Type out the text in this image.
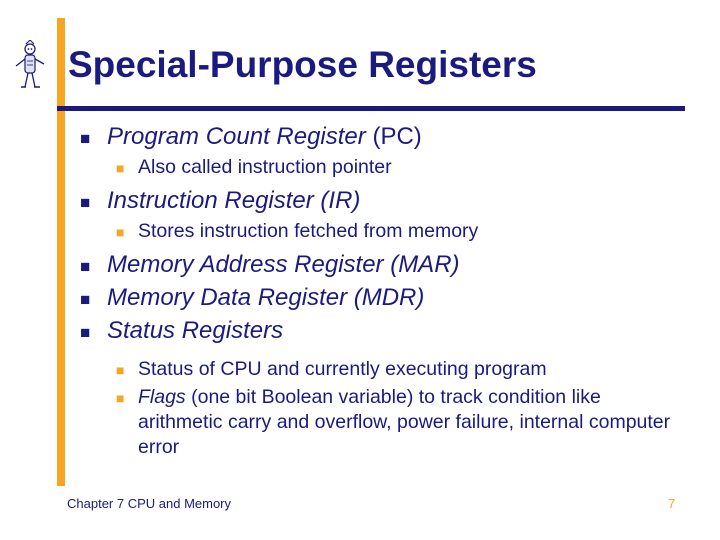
Special-Purpose Registers
■ Program Count Register (PC)
■ Also called instruction pointer
■ Instruction Register (IR)
■ Stores instruction fetched from memory
■ Memory Address Register (MAR)
■ Memory Data Register (MDR)
■ Status Registers
■ Status of CPU and currently executing program
■ Flags (one bit Boolean variable) to track condition like arithmetic carry and overflow, power failure, internal computer error
Chapter 7 CPU and Memory	7
